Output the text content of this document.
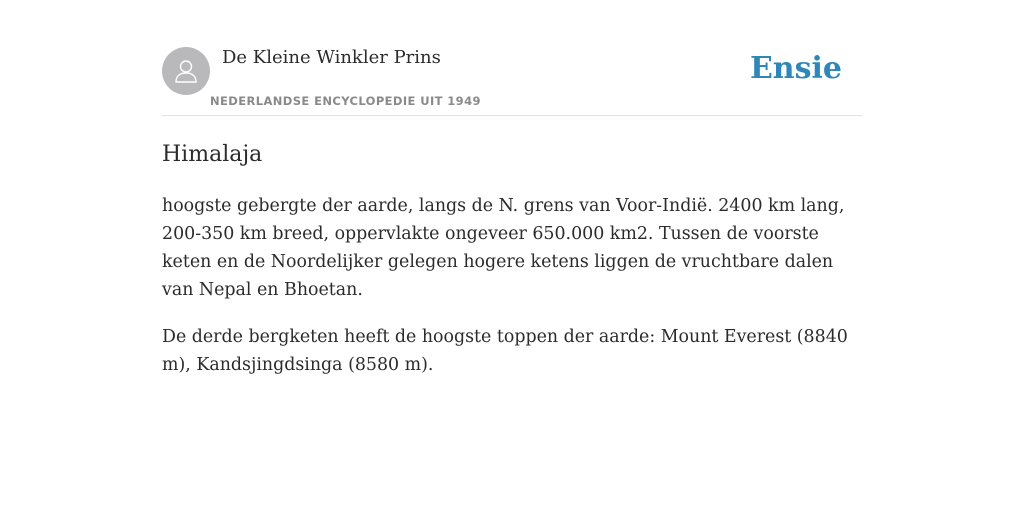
De Kleine Winkler Prins
NEDERLANDSE ENCYCLOPEDIE UIT 1949
Ensie
Himalaja

hoogste gebergte der aarde, langs de N. grens van Voor-Indië. 2400 km lang, 200-350 km breed, oppervlakte ongeveer 650.000 km2. Tussen de voorste keten en de Noordelijker gelegen hogere ketens liggen de vruchtbare dalen van Nepal en Bhoetan.

De derde bergketen heeft de hoogste toppen der aarde: Mount Everest (8840 m), Kandsjingdsinga (8580 m).
